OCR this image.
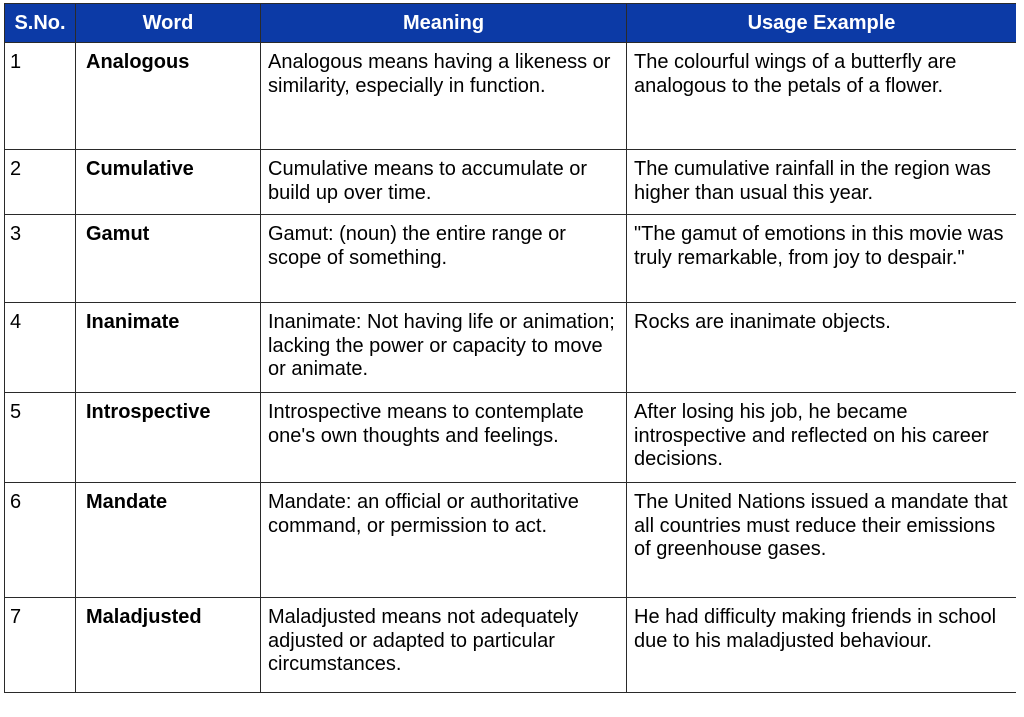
S.No.	Word	Meaning	Usage Example
1	Analogous	Analogous means having a likeness or similarity, especially in function.	The colourful wings of a butterfly are analogous to the petals of a flower.
2	Cumulative	Cumulative means to accumulate or build up over time.	The cumulative rainfall in the region was higher than usual this year.
3	Gamut	Gamut: (noun) the entire range or scope of something.	"The gamut of emotions in this movie was truly remarkable, from joy to despair."
4	Inanimate	Inanimate: Not having life or animation; lacking the power or capacity to move or animate.	Rocks are inanimate objects.
5	Introspective	Introspective means to contemplate one's own thoughts and feelings.	After losing his job, he became introspective and reflected on his career decisions.
6	Mandate	Mandate: an official or authoritative command, or permission to act.	The United Nations issued a mandate that all countries must reduce their emissions of greenhouse gases.
7	Maladjusted	Maladjusted means not adequately adjusted or adapted to particular circumstances.	He had difficulty making friends in school due to his maladjusted behaviour.
